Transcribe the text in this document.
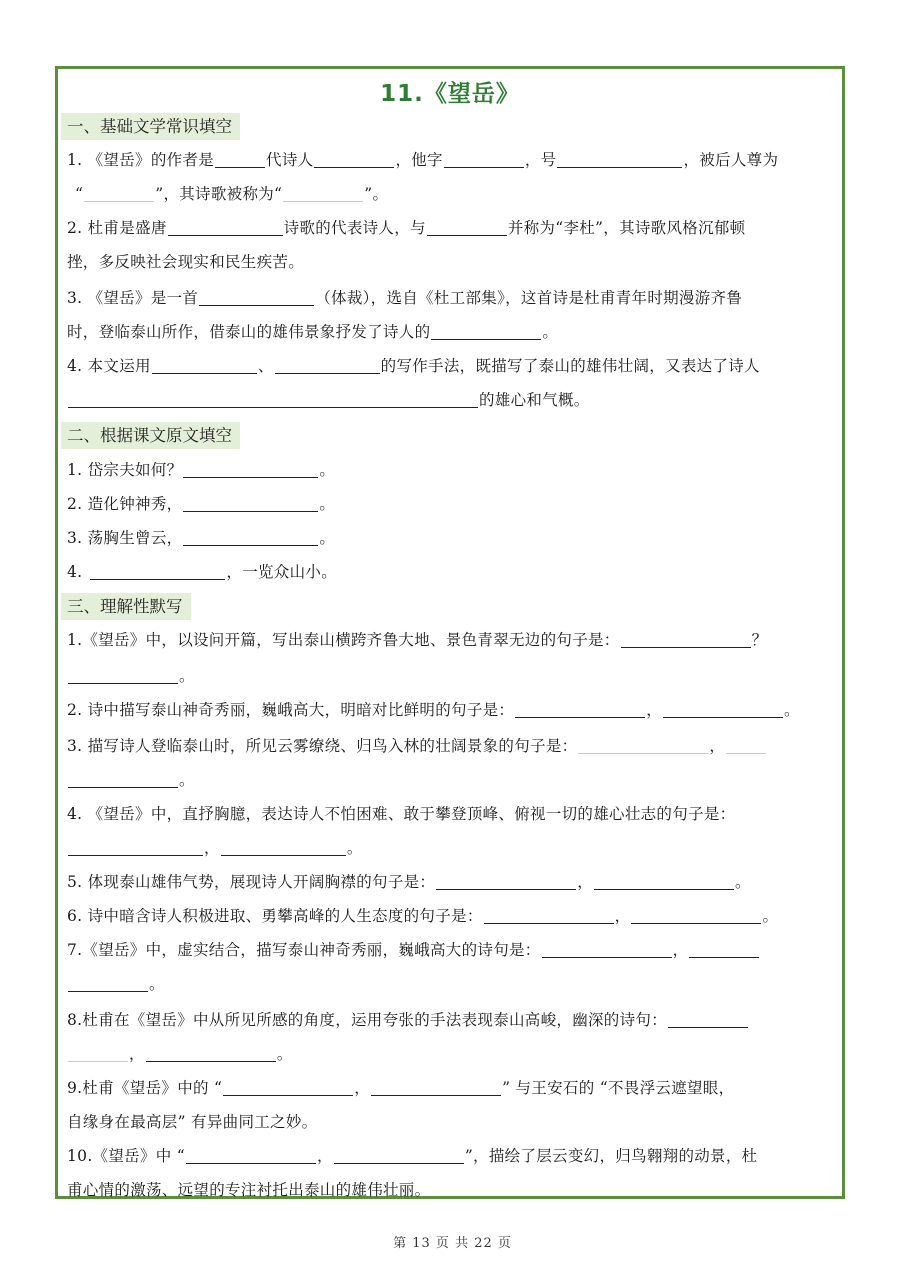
11.《望岳》
一、基础文学常识填空
1. 《望岳》的作者是	代诗人	，他字	，号	，被后人尊为
“	”，其诗歌被称为“	”。
2. 杜甫是盛唐	诗歌的代表诗人，与	并称为“李杜”，其诗歌风格沉郁顿
挫，多反映社会现实和民生疾苦。
3. 《望岳》是一首	（体裁），选自《杜工部集》，这首诗是杜甫青年时期漫游齐鲁
时，登临泰山所作，借泰山的雄伟景象抒发了诗人的	。
4. 本文运用	、	的写作手法，既描写了泰山的雄伟壮阔，又表达了诗人
的雄心和气概。
二、根据课文原文填空
1. 岱宗夫如何？	。
2. 造化钟神秀，	。
3. 荡胸生曾云，	。
4.	，一览众山小。
三、理解性默写
1.《望岳》中，以设问开篇，写出泰山横跨齐鲁大地、景色青翠无边的句子是：	？
。
2. 诗中描写泰山神奇秀丽，巍峨高大，明暗对比鲜明的句子是：	，	。
3. 描写诗人登临泰山时，所见云雾缭绕、归鸟入林的壮阔景象的句子是：	，
。
4. 《望岳》中，直抒胸臆，表达诗人不怕困难、敢于攀登顶峰、俯视一切的雄心壮志的句子是：
，	。
5. 体现泰山雄伟气势，展现诗人开阔胸襟的句子是：	，	。
6. 诗中暗含诗人积极进取、勇攀高峰的人生态度的句子是：	，	。
7.《望岳》中，虚实结合，描写泰山神奇秀丽，巍峨高大的诗句是：	，
。
8.杜甫在《望岳》中从所见所感的角度，运用夸张的手法表现泰山高峻，幽深的诗句：
，	。
9.杜甫《望岳》中的 “	，	” 与王安石的 “不畏浮云遮望眼，
自缘身在最高层” 有异曲同工之妙。
10.《望岳》中 “	，	”，描绘了层云变幻，归鸟翱翔的动景，杜
甫心情的激荡、远望的专注衬托出泰山的雄伟壮丽。
第 13 页 共 22 页
